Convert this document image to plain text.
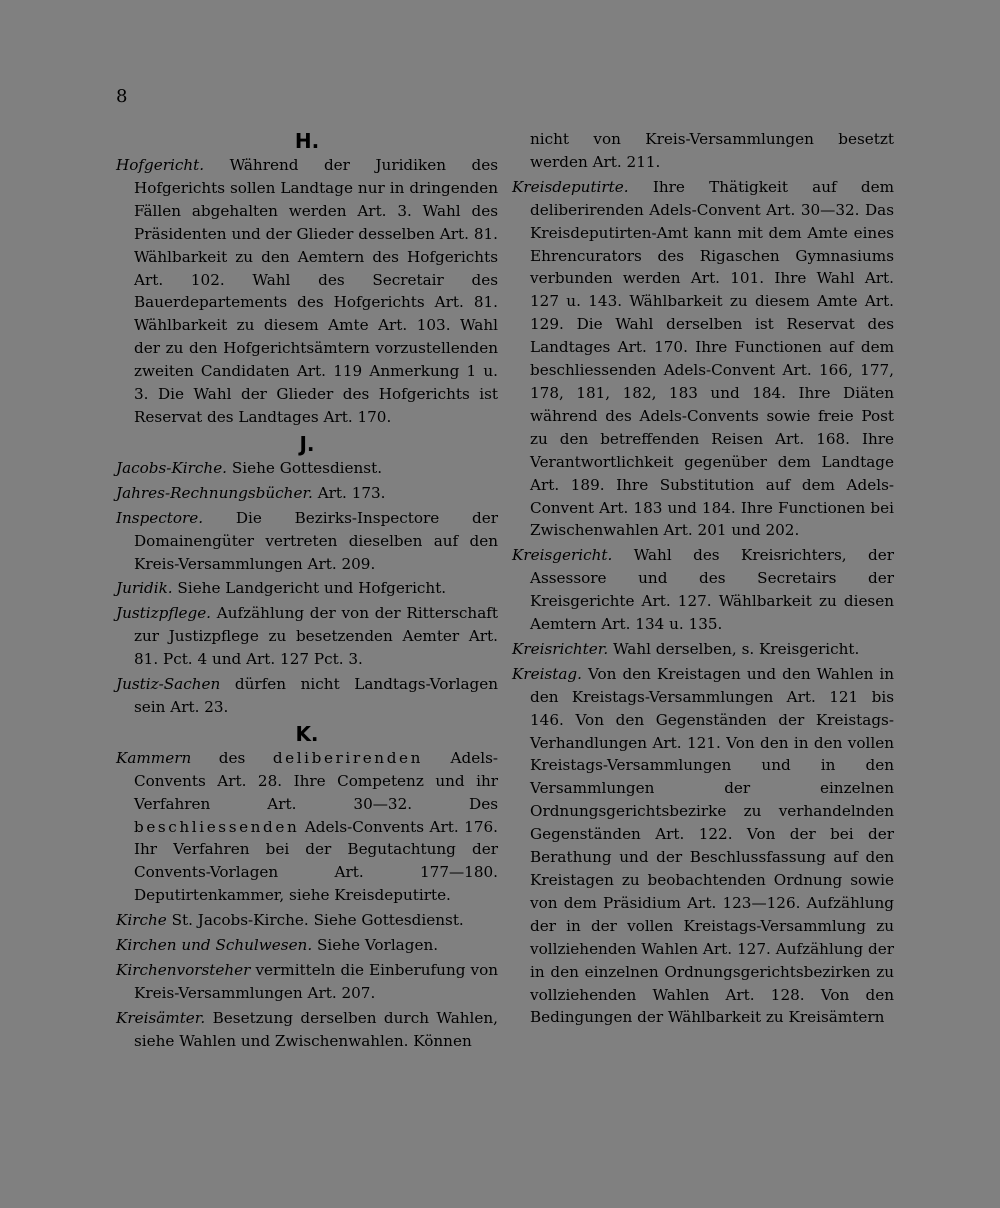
8
H.

Hofgericht. Während der Juridiken des Hofgerichts sollen Landtage nur in dringenden Fällen abgehalten werden Art. 3. Wahl des Präsidenten und der Glieder desselben Art. 81. Wählbarkeit zu den Aemtern des Hofgerichts Art. 102. Wahl des Secretair des Bauerdepartements des Hofgerichts Art. 81. Wählbarkeit zu diesem Amte Art. 103. Wahl der zu den Hofgerichtsämtern vorzustellenden zweiten Candidaten Art. 119 Anmerkung 1 u. 3. Die Wahl der Glieder des Hofgerichts ist Reservat des Landtages Art. 170.

J.

Jacobs-Kirche. Siehe Gottesdienst.

Jahres-Rechnungsbücher. Art. 173.

Inspectore. Die Bezirks-Inspectore der Domainengüter vertreten dieselben auf den Kreis-Versammlungen Art. 209.

Juridik. Siehe Landgericht und Hofgericht.

Justizpflege. Aufzählung der von der Ritterschaft zur Justizpflege zu besetzenden Aemter Art. 81. Pct. 4 und Art. 127 Pct. 3.

Justiz-Sachen dürfen nicht Landtags-Vorlagen sein Art. 23.

K.

Kammern des deliberirenden Adels-Convents Art. 28. Ihre Competenz und ihr Verfahren Art. 30—32. Des beschliessenden Adels-Convents Art. 176. Ihr Verfahren bei der Begutachtung der Convents-Vorlagen Art. 177—180. Deputirtenkammer, siehe Kreisdeputirte.

Kirche St. Jacobs-Kirche. Siehe Gottesdienst.

Kirchen und Schulwesen. Siehe Vorlagen.

Kirchenvorsteher vermitteln die Einberufung von Kreis-Versammlungen Art. 207.

Kreisämter. Besetzung derselben durch Wahlen, siehe Wahlen und Zwischenwahlen. Können

nicht von Kreis-Versammlungen besetzt werden Art. 211.

Kreisdeputirte. Ihre Thätigkeit auf dem deliberirenden Adels-Convent Art. 30—32. Das Kreisdeputirten-Amt kann mit dem Amte eines Ehrencurators des Rigaschen Gymnasiums verbunden werden Art. 101. Ihre Wahl Art. 127 u. 143. Wählbarkeit zu diesem Amte Art. 129. Die Wahl derselben ist Reservat des Landtages Art. 170. Ihre Functionen auf dem beschliessenden Adels-Convent Art. 166, 177, 178, 181, 182, 183 und 184. Ihre Diäten während des Adels-Convents sowie freie Post zu den betreffenden Reisen Art. 168. Ihre Verantwortlichkeit gegenüber dem Landtage Art. 189. Ihre Substitution auf dem Adels-Convent Art. 183 und 184. Ihre Functionen bei Zwischenwahlen Art. 201 und 202.

Kreisgericht. Wahl des Kreisrichters, der Assessore und des Secretairs der Kreisgerichte Art. 127. Wählbarkeit zu diesen Aemtern Art. 134 u. 135.

Kreisrichter. Wahl derselben, s. Kreisgericht.

Kreistag. Von den Kreistagen und den Wahlen in den Kreistags-Versammlungen Art. 121 bis 146. Von den Gegenständen der Kreistags-Verhandlungen Art. 121. Von den in den vollen Kreistags-Versammlungen und in den Versammlungen der einzelnen Ordnungsgerichtsbezirke zu verhandelnden Gegenständen Art. 122. Von der bei der Berathung und der Beschlussfassung auf den Kreistagen zu beobachtenden Ordnung sowie von dem Präsidium Art. 123—126. Aufzählung der in der vollen Kreistags-Versammlung zu vollziehenden Wahlen Art. 127. Aufzählung der in den einzelnen Ordnungsgerichtsbezirken zu vollziehenden Wahlen Art. 128. Von den Bedingungen der Wählbarkeit zu Kreisämtern
